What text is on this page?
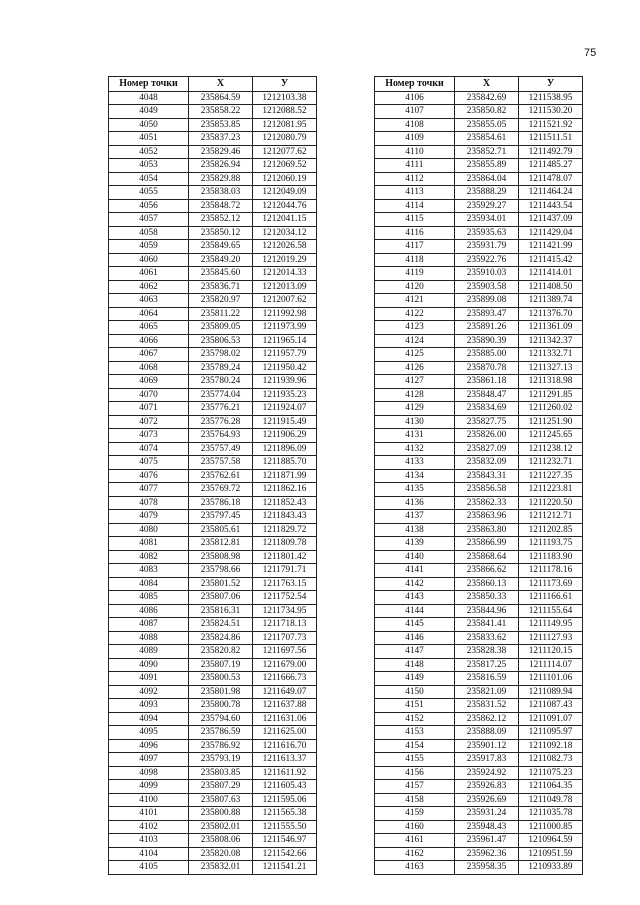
75
Номер точки	X	У
4048	235864.59	1212103.38
4049	235858.22	1212088.52
4050	235853.85	1212081.95
4051	235837.23	1212080.79
4052	235829.46	1212077.62
4053	235826.94	1212069.52
4054	235829.88	1212060.19
4055	235838.03	1212049.09
4056	235848.72	1212044.76
4057	235852.12	1212041.15
4058	235850.12	1212034.12
4059	235849.65	1212026.58
4060	235849.20	1212019.29
4061	235845.60	1212014.33
4062	235836.71	1212013.09
4063	235820.97	1212007.62
4064	235811.22	1211992.98
4065	235809.05	1211973.99
4066	235806.53	1211965.14
4067	235798.02	1211957.79
4068	235789.24	1211950.42
4069	235780.24	1211939.96
4070	235774.04	1211935.23
4071	235776.21	1211924.07
4072	235776.28	1211915.49
4073	235764.93	1211906.29
4074	235757.49	1211896.09
4075	235757.58	1211885.70
4076	235762.61	1211871.99
4077	235769.72	1211862.16
4078	235786.18	1211852.43
4079	235797.45	1211843.43
4080	235805.61	1211829.72
4081	235812.81	1211809.78
4082	235808.98	1211801.42
4083	235798.66	1211791.71
4084	235801.52	1211763.15
4085	235807.06	1211752.54
4086	235816.31	1211734.95
4087	235824.51	1211718.13
4088	235824.86	1211707.73
4089	235820.82	1211697.56
4090	235807.19	1211679.00
4091	235800.53	1211666.73
4092	235801.98	1211649.07
4093	235800.78	1211637.88
4094	235794.60	1211631.06
4095	235786.59	1211625.00
4096	235786.92	1211616.70
4097	235793.19	1211613.37
4098	235803.85	1211611.92
4099	235807.29	1211605.43
4100	235807.63	1211595.06
4101	235800.88	1211565.38
4102	235802.01	1211555.50
4103	235808.06	1211546.97
4104	235820.08	1211542.66
4105	235832.01	1211541.21
Номер точки	X	У
4106	235842.69	1211538.95
4107	235850.82	1211530.20
4108	235855.05	1211521.92
4109	235854.61	1211511.51
4110	235852.71	1211492.79
4111	235855.89	1211485.27
4112	235864.04	1211478.07
4113	235888.29	1211464.24
4114	235929.27	1211443.54
4115	235934.01	1211437.09
4116	235935.63	1211429.04
4117	235931.79	1211421.99
4118	235922.76	1211415.42
4119	235910.03	1211414.01
4120	235903.58	1211408.50
4121	235899.08	1211389.74
4122	235893.47	1211376.70
4123	235891.26	1211361.09
4124	235890.39	1211342.37
4125	235885.00	1211332.71
4126	235870.78	1211327.13
4127	235861.18	1211318.98
4128	235848.47	1211291.85
4129	235834.69	1211260.02
4130	235827.75	1211251.90
4131	235826.00	1211245.65
4132	235827.09	1211238.12
4133	235832.09	1211232.71
4134	235843.31	1211227.35
4135	235856.58	1211223.81
4136	235862.33	1211220.50
4137	235863.96	1211212.71
4138	235863.80	1211202.85
4139	235866.99	1211193.75
4140	235868.64	1211183.90
4141	235866.62	1211178.16
4142	235860.13	1211173.69
4143	235850.33	1211166.61
4144	235844.96	1211155.64
4145	235841.41	1211149.95
4146	235833.62	1211127.93
4147	235828.38	1211120.15
4148	235817.25	1211114.07
4149	235816.59	1211101.06
4150	235821.09	1211089.94
4151	235831.52	1211087.43
4152	235862.12	1211091.07
4153	235888.09	1211095.97
4154	235901.12	1211092.18
4155	235917.83	1211082.73
4156	235924.92	1211075.23
4157	235926.83	1211064.35
4158	235926.69	1211049.78
4159	235931.24	1211035.78
4160	235948.43	1211000.85
4161	235961.47	1210964.59
4162	235962.36	1210951.59
4163	235958.35	1210933.89
